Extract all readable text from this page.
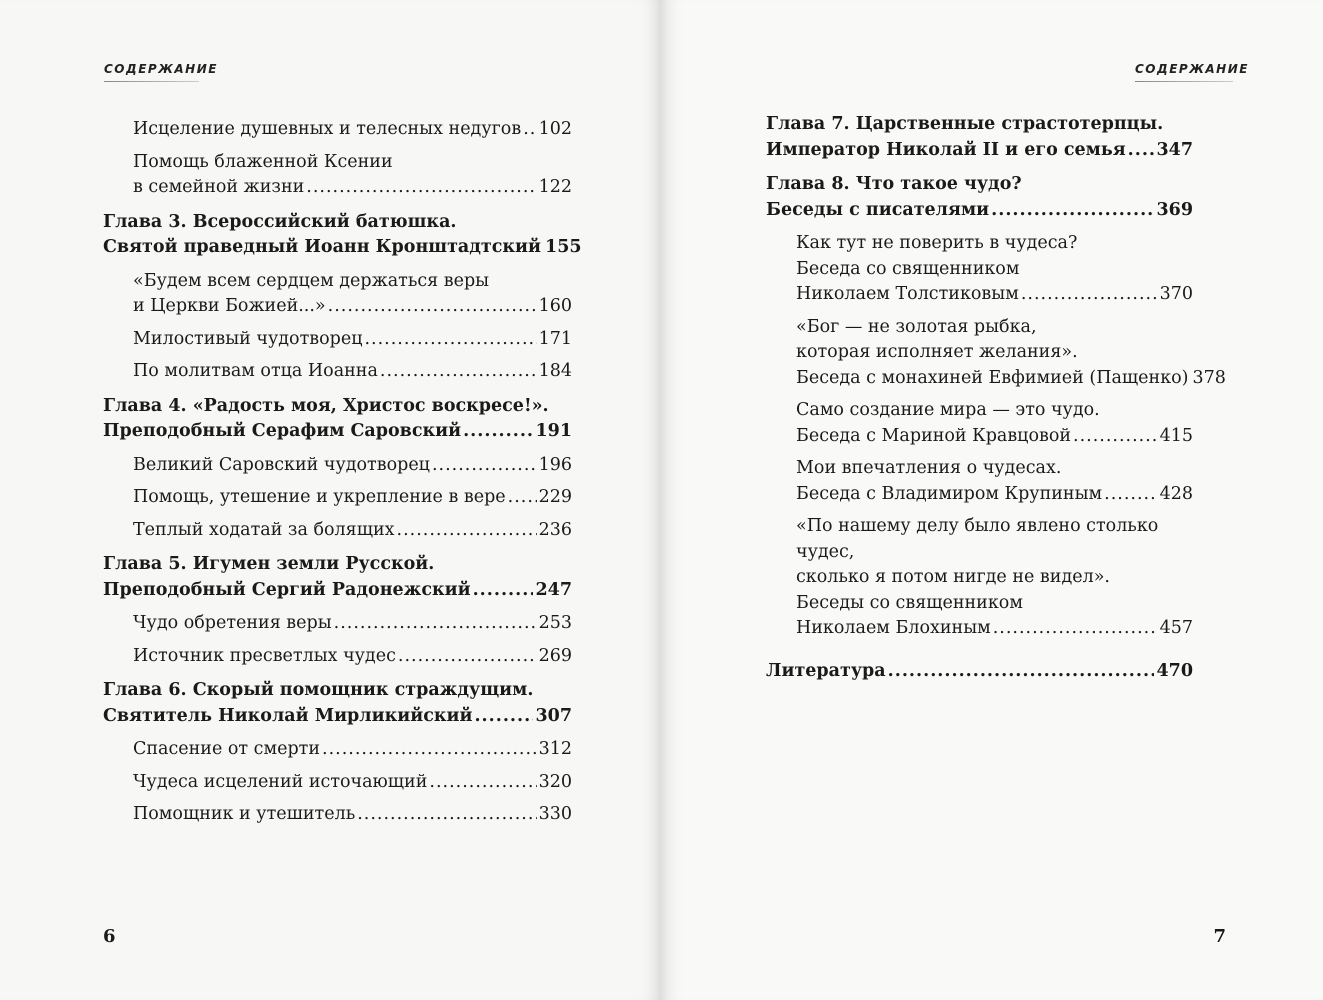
СОДЕРЖАНИЕ
Исцеление душевных и телесных недугов ..... 102
Помощь блаженной Ксении
в семейной жизни .....	122
Глава 3. Всероссийский батюшка.
Святой праведный Иоанн Кронштадтский 155
«Будем всем сердцем держаться веры
и Церкви Божией...» .....	160
Милостивый чудотворец .....	171
По молитвам отца Иоанна .....	184
Глава 4. «Радость моя, Христос воскресе!».
Преподобный Серафим Саровский .....	191
Великий Саровский чудотворец .....	196
Помощь, утешение и укрепление в вере ..... 229
Теплый ходатай за болящих .....	236
Глава 5. Игумен земли Русской.
Преподобный Сергий Радонежский .....	247
Чудо обретения веры .....	253
Источник пресветлых чудес .....	269
Глава 6. Скорый помощник страждущим.
Святитель Николай Мирликийский .....	307
Спасение от смерти .....	312
Чудеса исцелений источающий .....	320
Помощник и утешитель .....	330
6
СОДЕРЖАНИЕ
Глава 7. Царственные страстотерпцы.
Император Николай II и его семья ..... 347
Глава 8. Что такое чудо?
Беседы с писателями .....	369
Как тут не поверить в чудеса?
Беседа со священником
Николаем Толстиковым .....	370
«Бог — не золотая рыбка,
которая исполняет желания».
Беседа с монахиней Евфимией (Пащенко) 378
Само создание мира — это чудо.
Беседа с Мариной Кравцовой .....	415
Мои впечатления о чудесах.
Беседа с Владимиром Крупиным .....	428
«По нашему делу было явлено столько чудес,
сколько я потом нигде не видел».
Беседы со священником
Николаем Блохиным .....	457
Литература .....	470
7
